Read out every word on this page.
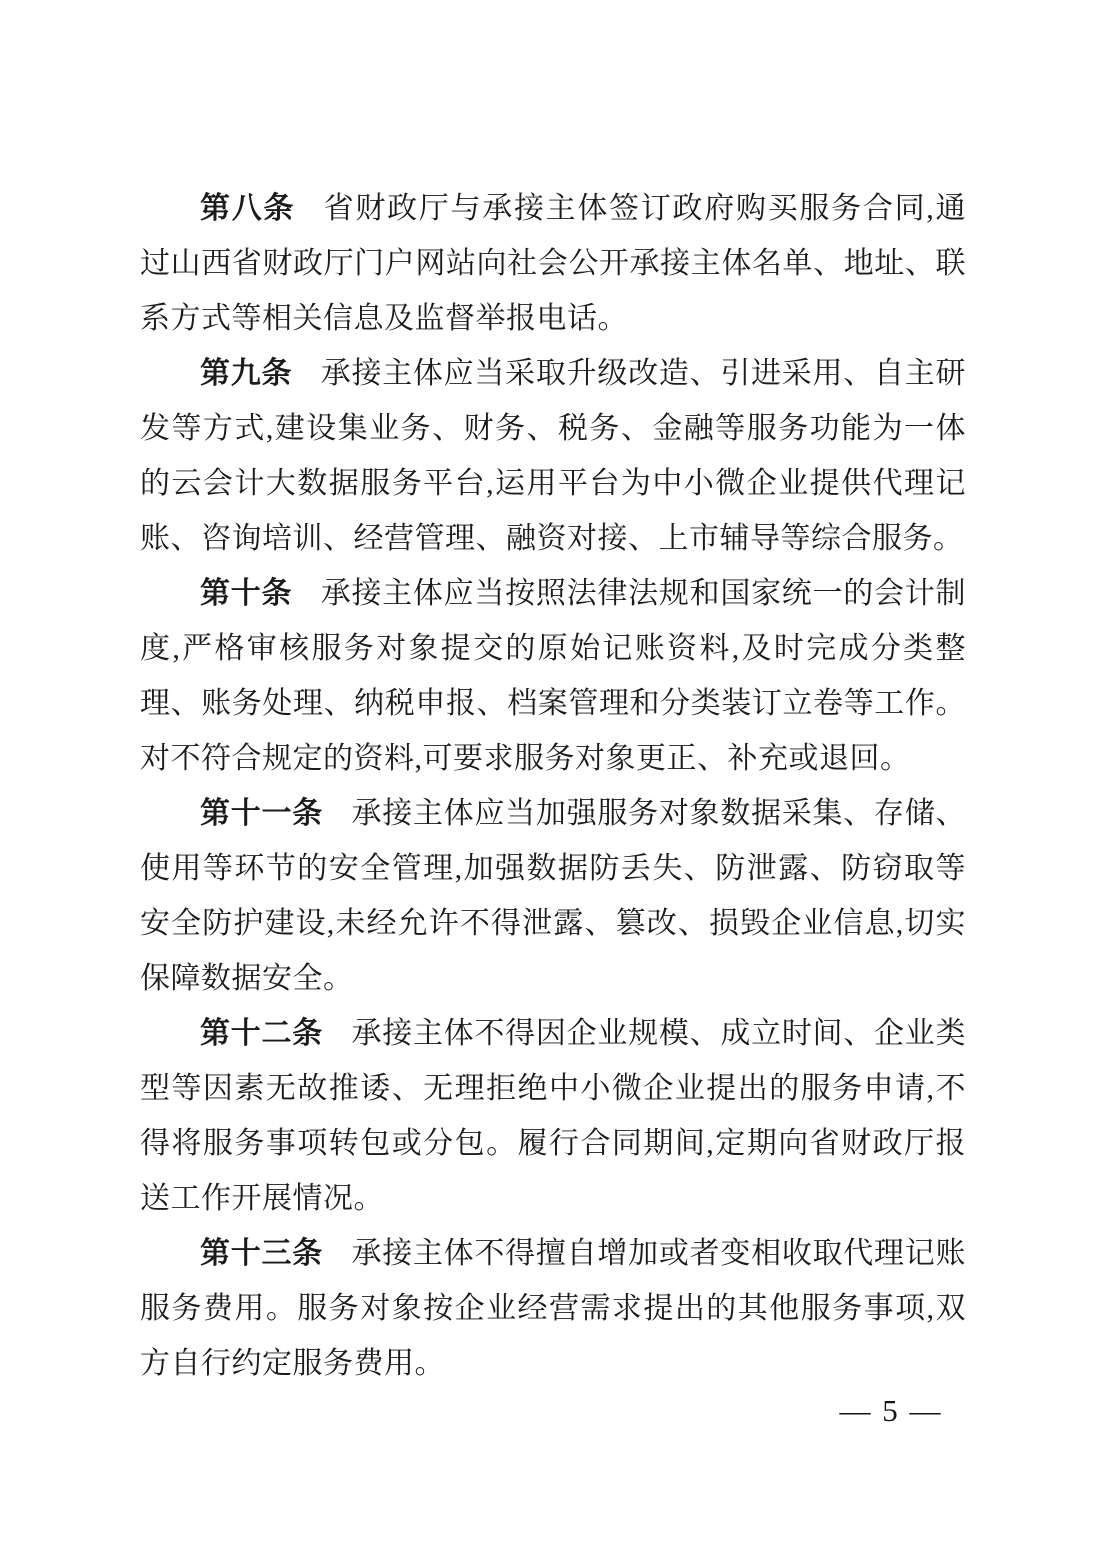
第八条 省财政厅与承接主体签订政府购买服务合同,通过山西省财政厅门户网站向社会公开承接主体名单、地址、联系方式等相关信息及监督举报电话。

第九条 承接主体应当采取升级改造、引进采用、自主研发等方式,建设集业务、财务、税务、金融等服务功能为一体的云会计大数据服务平台,运用平台为中小微企业提供代理记账、咨询培训、经营管理、融资对接、上市辅导等综合服务。

第十条 承接主体应当按照法律法规和国家统一的会计制度,严格审核服务对象提交的原始记账资料,及时完成分类整理、账务处理、纳税申报、档案管理和分类装订立卷等工作。对不符合规定的资料,可要求服务对象更正、补充或退回。

第十一条 承接主体应当加强服务对象数据采集、存储、使用等环节的安全管理,加强数据防丢失、防泄露、防窃取等安全防护建设,未经允许不得泄露、篡改、损毁企业信息,切实保障数据安全。

第十二条 承接主体不得因企业规模、成立时间、企业类型等因素无故推诿、无理拒绝中小微企业提出的服务申请,不得将服务事项转包或分包。履行合同期间,定期向省财政厅报送工作开展情况。

第十三条 承接主体不得擅自增加或者变相收取代理记账服务费用。服务对象按企业经营需求提出的其他服务事项,双方自行约定服务费用。

— 5 —
